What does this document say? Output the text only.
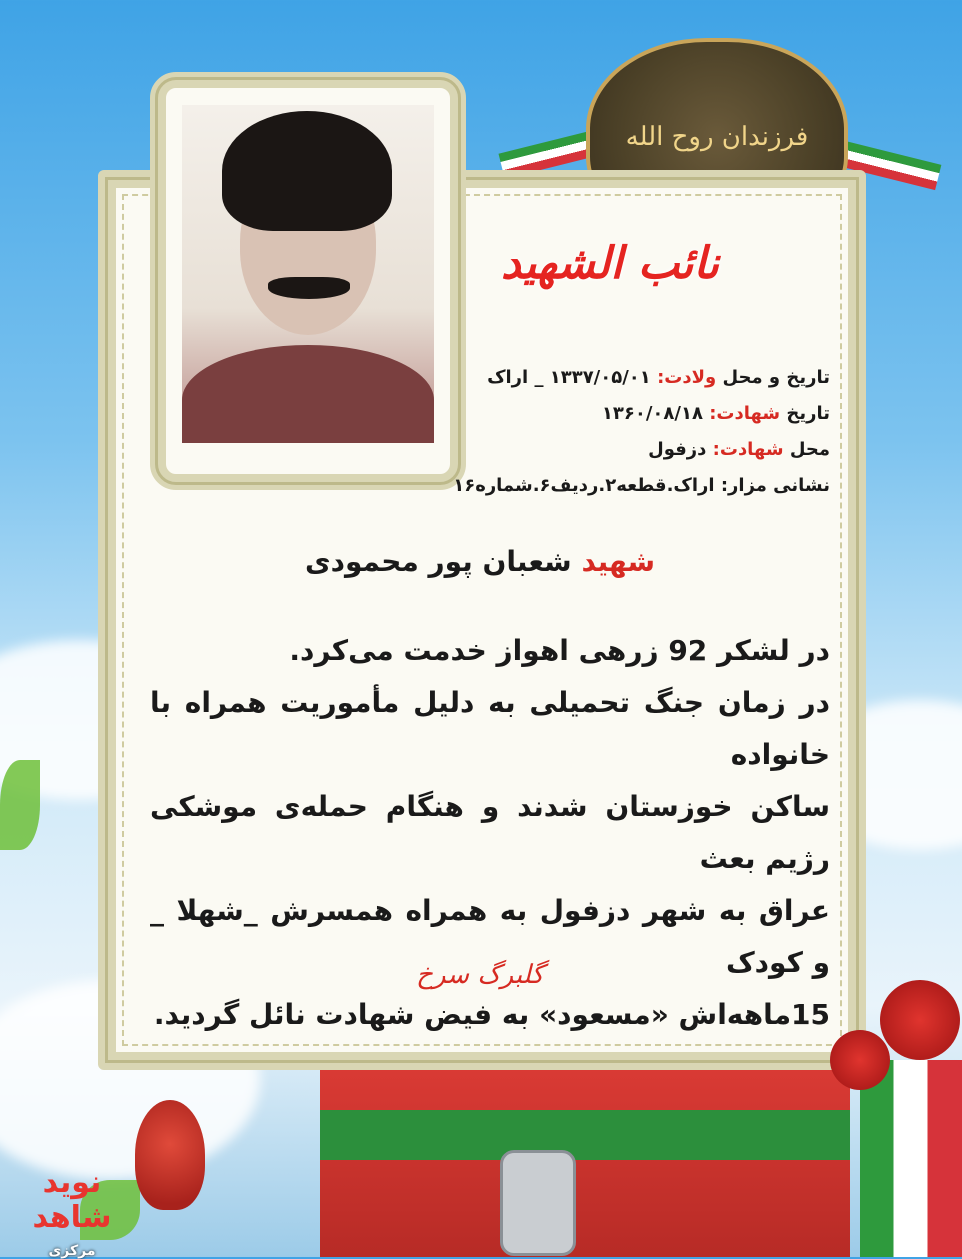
فرزندان روح الله
نائب الشهید
تاریخ و محل ولادت: ۱۳۳۷/۰۵/۰۱ _ اراک
تاریخ شهادت: ۱۳۶۰/۰۸/۱۸
محل شهادت: دزفول
نشانی مزار: اراک.قطعه۲.ردیف۶.شماره۱۶
شهید شعبان پور محمودی
در لشکر 92 زرهی اهواز خدمت می‌کرد.
در زمان جنگ تحمیلی به دلیل مأموریت همراه با خانواده
ساکن خوزستان شدند و هنگام حمله‌ی موشکی رژیم بعث
عراق به شهر دزفول به همراه همسرش _شهلا _ و کودک
15ماهه‌اش «مسعود» به فیض شهادت نائل گردید.
گلبرگ سرخ
نوید شاهد
مرکزی
